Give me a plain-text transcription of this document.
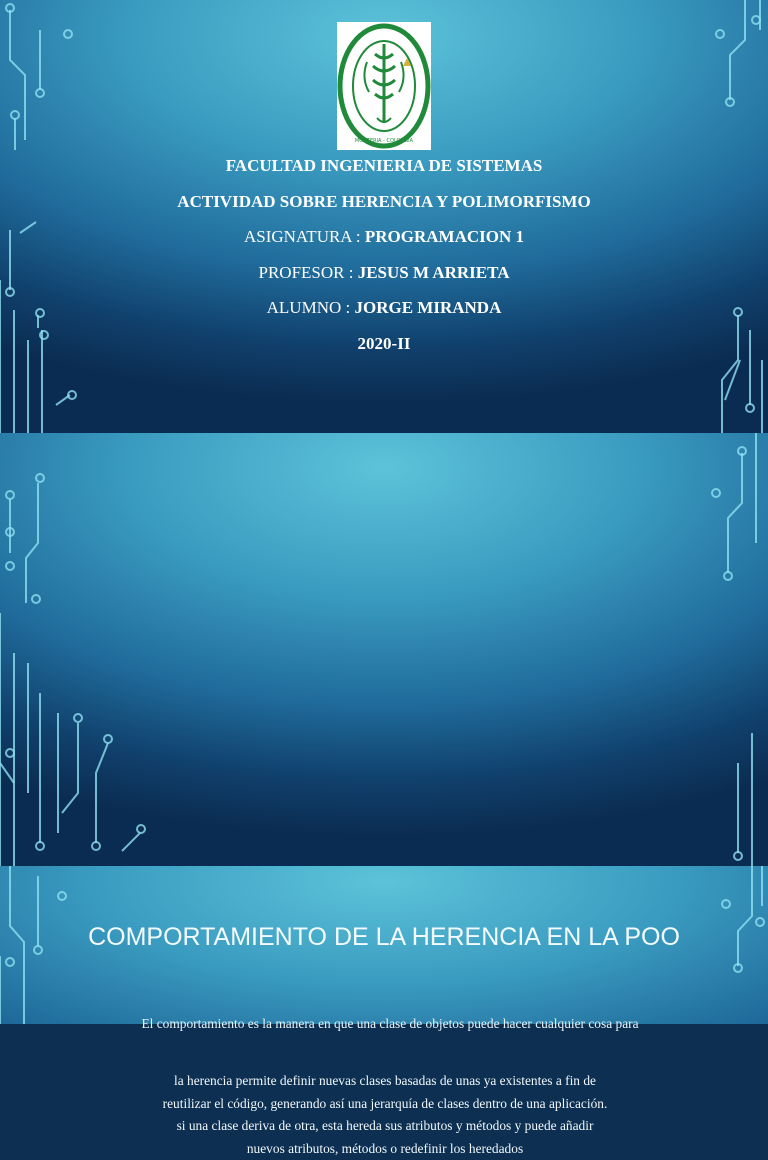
MONTERIA - COLOMBIA
FACULTAD INGENIERIA DE SISTEMAS
ACTIVIDAD SOBRE HERENCIA Y POLIMORFISMO
ASIGNATURA : PROGRAMACION 1
PROFESOR : JESUS M ARRIETA
ALUMNO : JORGE MIRANDA
2020-II
la herencia permite definir nuevas clases basadas de unas ya existentes a fin de
reutilizar el código, generando así una jerarquía de clases dentro de una aplicación.
si una clase deriva de otra, esta hereda sus atributos y métodos y puede añadir
nuevos atributos, métodos o redefinir los heredados
COMPORTAMIENTO DE LA HERENCIA EN LA POO
El comportamiento es la manera en que una clase de objetos puede hacer cualquier cosa para
